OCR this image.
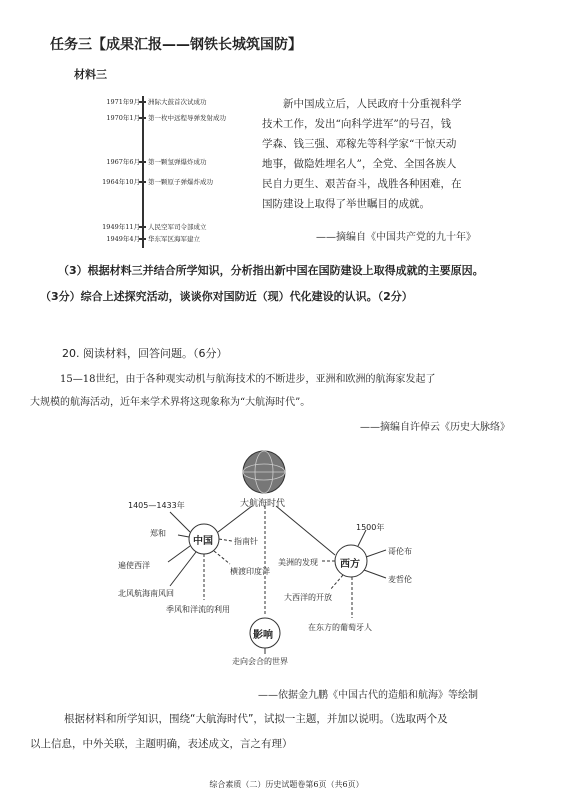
任务三【成果汇报——钢铁长城筑国防】
材料三
1971年9月 洲际大鼓首次试成功
1970年1月 第一枚中远程导弹发射成功
1967年6月 第一颗氢弹爆炸成功
1964年10月 第一颗原子弹爆炸成功
1949年11月 人民空军司令部成立
1949年4月 华东军区海军建立
新中国成立后，人民政府十分重视科学
技术工作，发出“向科学进军”的号召，钱
学森、钱三强、邓稼先等科学家“干惊天动
地事，做隐姓埋名人”，全党、全国各族人
民自力更生、艰苦奋斗，战胜各种困难，在
国防建设上取得了举世瞩目的成就。
——摘编自《中国共产党的九十年》
（3）根据材料三并结合所学知识，分析指出新中国在国防建设上取得成就的主要原因。
（3分）综合上述探究活动，谈谈你对国防近（现）代化建设的认识。（2分）
20. 阅读材料，回答问题。（6分）
15—18世纪，由于各种观实动机与航海技术的不断进步，亚洲和欧洲的航海家发起了
大规模的航海活动，近年来学术界将这现象称为“大航海时代”。
——摘编自许倬云《历史大脉络》
大航海时代
中国
西方
影响
1405—1433年
郑和
遍使西洋
北风航海南风回
指南针
横渡印度洋
季风和洋流的利用
1500年
哥伦布
麦哲伦
美洲的发现
大西洋的开放
在东方的葡萄牙人
走向会合的世界
——依据金九鹏《中国古代的造船和航海》等绘制
根据材料和所学知识，围绕“大航海时代”，试拟一主题，并加以说明。（选取两个及
以上信息，中外关联，主题明确，表述成文，言之有理）
综合素质（二）历史试题卷第6页（共6页）
